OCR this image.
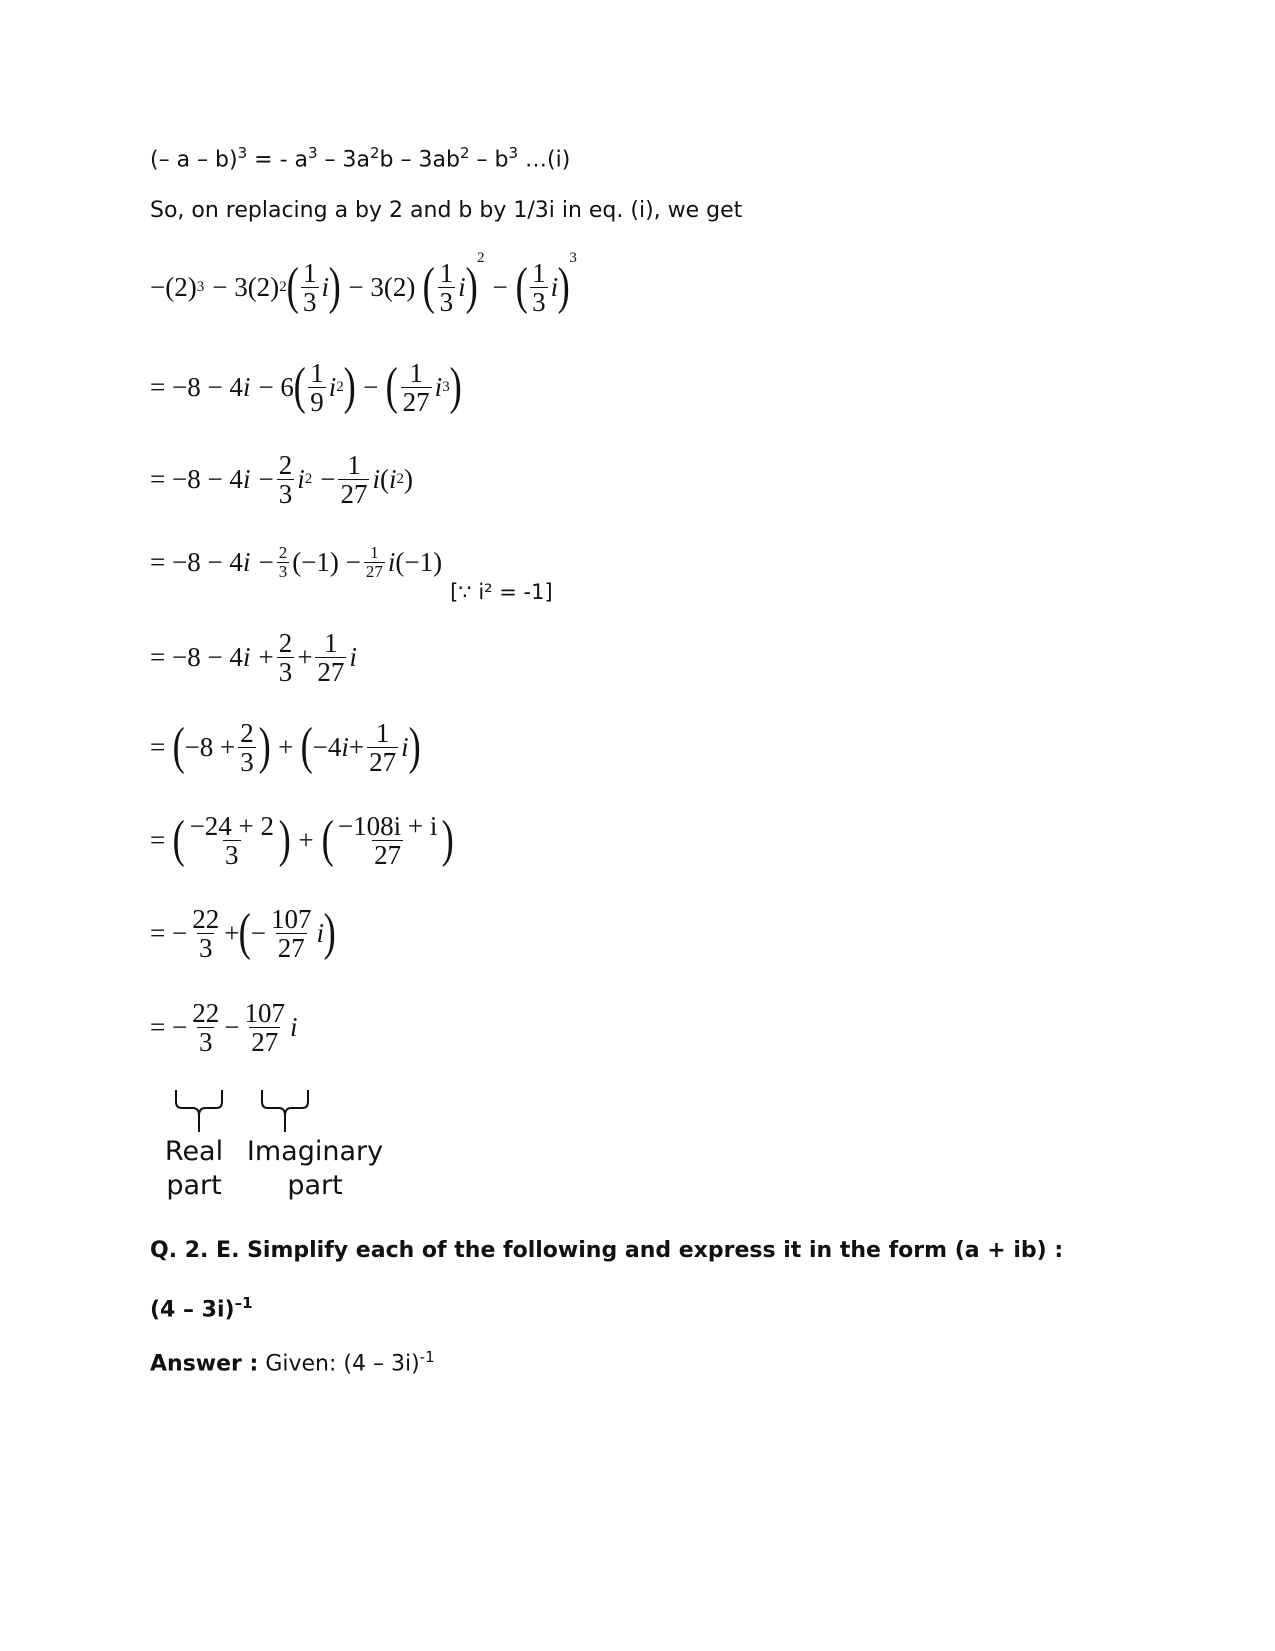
(– a – b)$^3$ = - $a^3 - 3a^2b - 3ab^2 - b^3$ …(i)
So, on replacing a by 2 and b by 1/3i in eq. (i), we get
−(2) 3 − 3(2) 2 ( $\frac{1}{3}$ i ) − 3(2) ( $\frac{1}{3}$ i )
2
− ( $\frac{1}{3}$ i )
3
= −8 − 4 i − 6 ( $\frac{1}{9}$ i 2 ) − ( $\frac{1}{27}$ i 3 )
= −8 − 4 $i - \frac{2}{3}$ i $2 - \frac{1}{27}$ i ( i 2 )
= −8 − 4 $i - \frac{2}{3} (-1) - \frac{1}{27}$ i (−1)
[∵ i² = -1]
= −8 − 4 $i + \frac{2}{3} + \frac{1}{27}$ i
= ( $-8 + \frac{2}{3}$ ) + ( −4 $i + \frac{1}{27}$ i )
= ( $\frac{-24 + 2}{3}$ ) + ( $\frac{-108i + i}{27}$ )
= − $\frac{22}{3}$ + ( − $\frac{107}{27}$ i )
= − $\frac{22}{3} - \frac{107}{27}$ i
Real
part
Imaginary
part
Q. 2. E. Simplify each of the following and express it in the form (a + ib) :
(4 – 3i)$^{-1}$
Answer : Given: (4 – 3i)$^{-1}$
